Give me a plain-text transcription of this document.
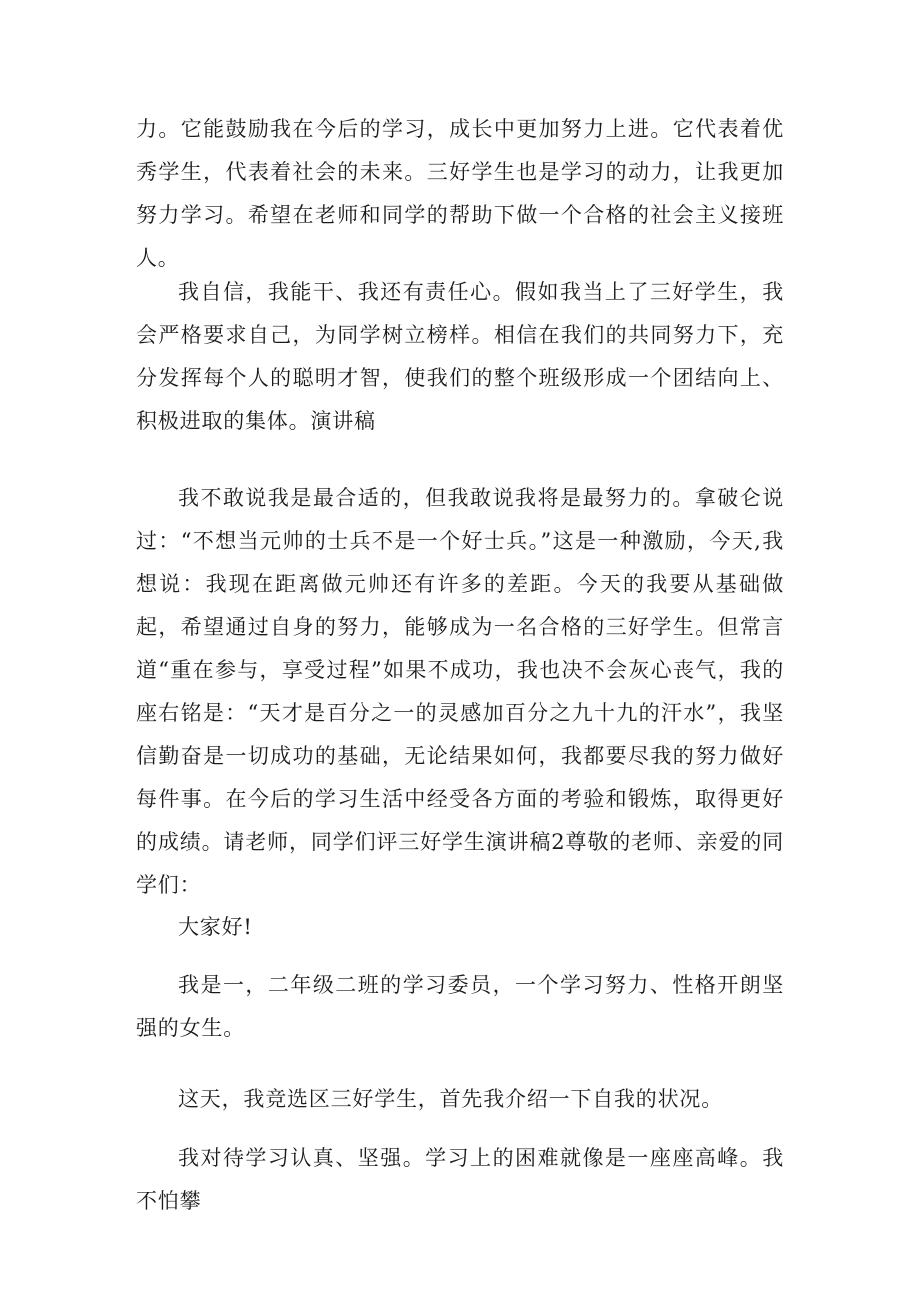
力。它能鼓励我在今后的学习，成长中更加努力上进。它代表着优秀学生，代表着社会的未来。三好学生也是学习的动力，让我更加努力学习。希望在老师和同学的帮助下做一个合格的社会主义接班人。

我自信，我能干、我还有责任心。假如我当上了三好学生，我会严格要求自己，为同学树立榜样。相信在我们的共同努力下，充分发挥每个人的聪明才智，使我们的整个班级形成一个团结向上、积极进取的集体。演讲稿

我不敢说我是最合适的，但我敢说我将是最努力的。拿破仑说过：“不想当元帅的士兵不是一个好士兵。”这是一种激励，今天,我想说：我现在距离做元帅还有许多的差距。今天的我要从基础做起，希望通过自身的努力，能够成为一名合格的三好学生。但常言道“重在参与，享受过程”如果不成功，我也决不会灰心丧气，我的座右铭是：“天才是百分之一的灵感加百分之九十九的汗水”，我坚信勤奋是一切成功的基础，无论结果如何，我都要尽我的努力做好每件事。在今后的学习生活中经受各方面的考验和锻炼，取得更好的成绩。请老师，同学们评三好学生演讲稿2尊敬的老师、亲爱的同学们：

大家好!

我是一，二年级二班的学习委员，一个学习努力、性格开朗坚强的女生。

这天，我竞选区三好学生，首先我介绍一下自我的状况。

我对待学习认真、坚强。学习上的困难就像是一座座高峰。我不怕攀
